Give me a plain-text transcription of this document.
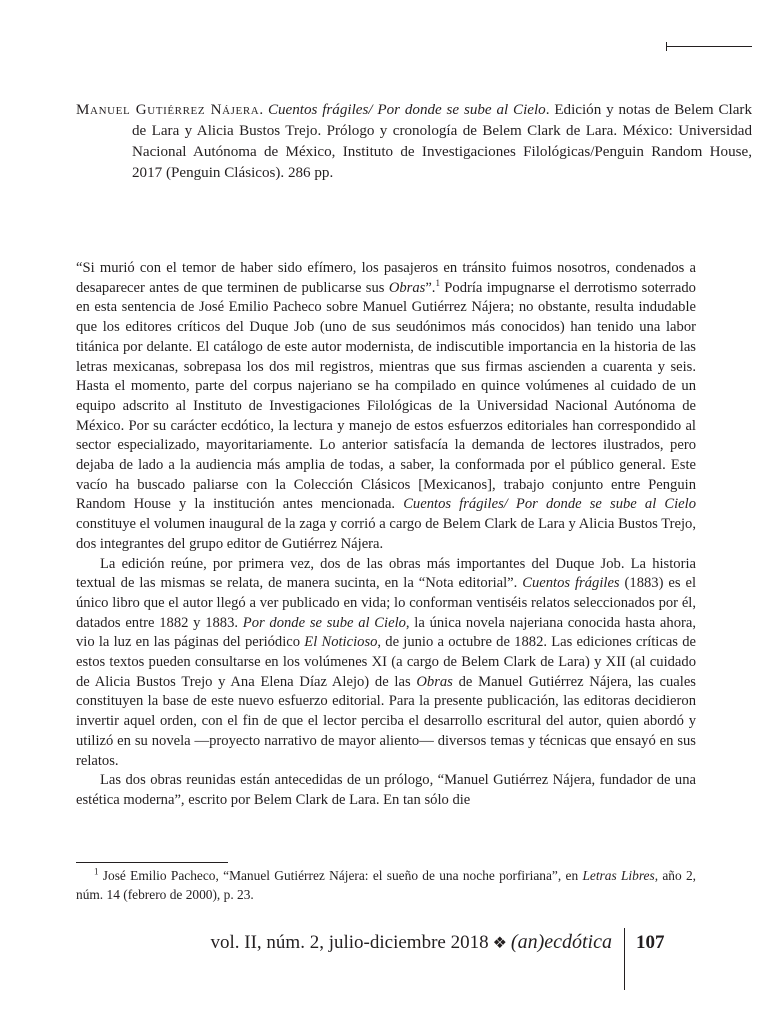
Manuel Gutiérrez Nájera. Cuentos frágiles/ Por donde se sube al Cielo. Edición y notas de Belem Clark de Lara y Alicia Bustos Trejo. Prólogo y cronología de Belem Clark de Lara. México: Universidad Nacional Autónoma de México, Instituto de Investigaciones Filológicas/Penguin Random House, 2017 (Penguin Clásicos). 286 pp.

“Si murió con el temor de haber sido efímero, los pasajeros en tránsito fuimos nosotros, condenados a desaparecer antes de que terminen de publicarse sus Obras”.$^1$ Podría impugnarse el derrotismo soterrado en esta sentencia de José Emilio Pacheco sobre Manuel Gutiérrez Nájera; no obstante, resulta indudable que los editores críticos del Duque Job (uno de sus seudónimos más conocidos) han tenido una labor titánica por delante. El catálogo de este autor modernista, de indiscutible importancia en la historia de las letras mexicanas, sobrepasa los dos mil registros, mientras que sus firmas ascienden a cuarenta y seis. Hasta el momento, parte del corpus najeriano se ha compilado en quince volúmenes al cuidado de un equipo adscrito al Instituto de Investigaciones Filológicas de la Universidad Nacional Autónoma de México. Por su carácter ecdótico, la lectura y manejo de estos esfuerzos editoriales han correspondido al sector especializado, mayoritariamente. Lo anterior satisfacía la demanda de lectores ilustrados, pero dejaba de lado a la audiencia más amplia de todas, a saber, la conformada por el público general. Este vacío ha buscado paliarse con la Colección Clásicos [Mexicanos], trabajo conjunto entre Penguin Random House y la institución antes mencionada. Cuentos frágiles/ Por donde se sube al Cielo constituye el volumen inaugural de la zaga y corrió a cargo de Belem Clark de Lara y Alicia Bustos Trejo, dos integrantes del grupo editor de Gutiérrez Nájera.

La edición reúne, por primera vez, dos de las obras más importantes del Duque Job. La historia textual de las mismas se relata, de manera sucinta, en la “Nota editorial”. Cuentos frágiles (1883) es el único libro que el autor llegó a ver publicado en vida; lo conforman ventiséis relatos seleccionados por él, datados entre 1882 y 1883. Por donde se sube al Cielo, la única novela najeriana conocida hasta ahora, vio la luz en las páginas del periódico El Noticioso, de junio a octubre de 1882. Las ediciones críticas de estos textos pueden consultarse en los volúmenes XI (a cargo de Belem Clark de Lara) y XII (al cuidado de Alicia Bustos Trejo y Ana Elena Díaz Alejo) de las Obras de Manuel Gutiérrez Nájera, las cuales constituyen la base de este nuevo esfuerzo editorial. Para la presente publicación, las editoras decidieron invertir aquel orden, con el fin de que el lector perciba el desarrollo escritural del autor, quien abordó y utilizó en su novela —proyecto narrativo de mayor aliento— diversos temas y técnicas que ensayó en sus relatos.

Las dos obras reunidas están antecedidas de un prólogo, “Manuel Gutiérrez Nájera, fundador de una estética moderna”, escrito por Belem Clark de Lara. En tan sólo die

$^1$ José Emilio Pacheco, “Manuel Gutiérrez Nájera: el sueño de una noche porfiriana”, en Letras Libres, año 2, núm. 14 (febrero de 2000), p. 23.
vol. II, núm. 2, julio-diciembre 2018 ❖ (an)ecdótica 107
